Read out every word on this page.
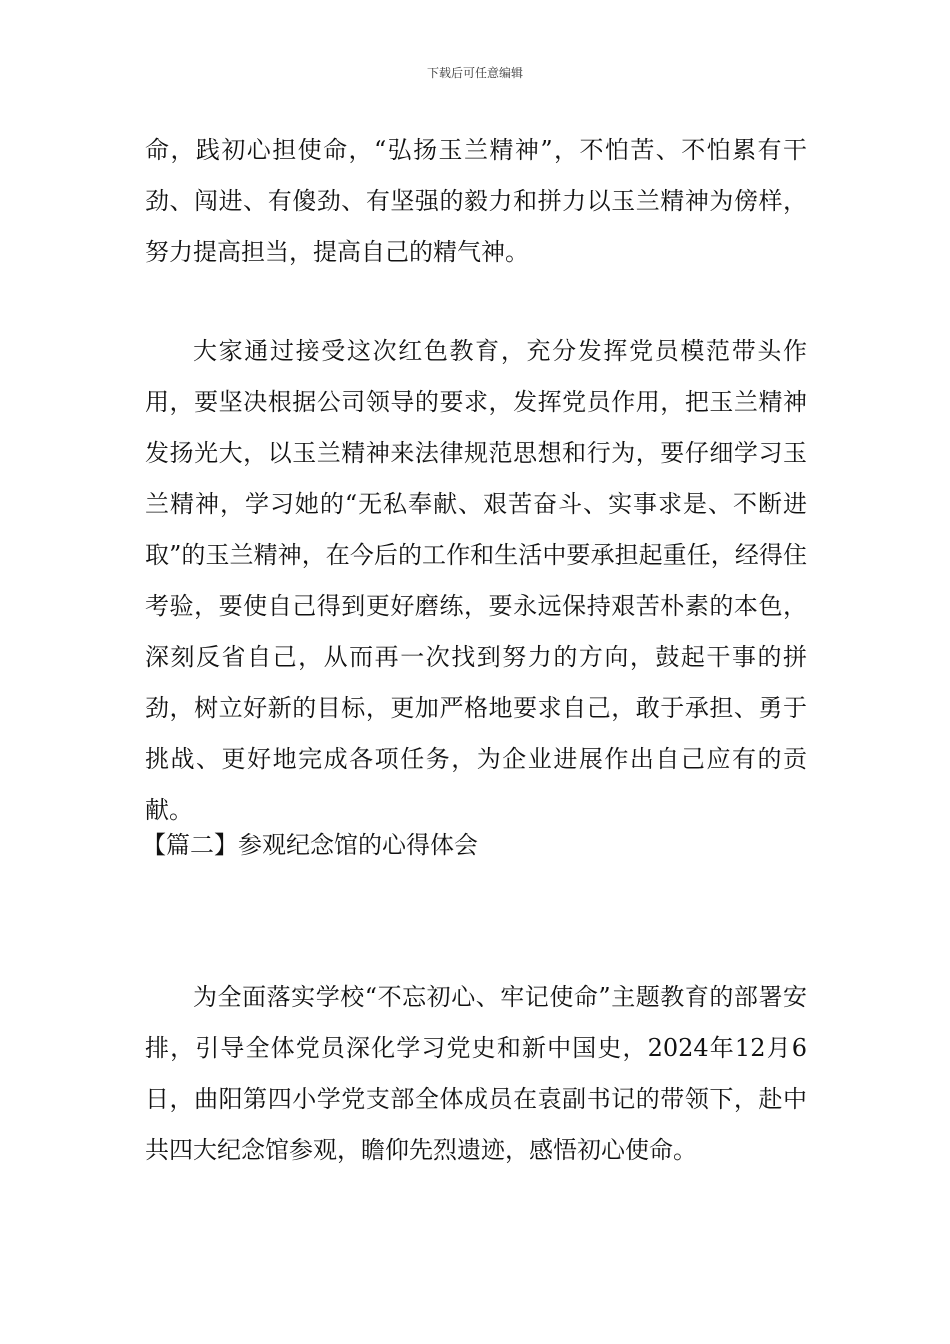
下载后可任意编辑

命，践初心担使命，“弘扬玉兰精神”，不怕苦、不怕累有干劲、闯进、有傻劲、有坚强的毅力和拼力以玉兰精神为傍样，努力提高担当，提高自己的精气神。

大家通过接受这次红色教育，充分发挥党员模范带头作用，要坚决根据公司领导的要求，发挥党员作用，把玉兰精神发扬光大，以玉兰精神来法律规范思想和行为，要仔细学习玉兰精神，学习她的“无私奉献、艰苦奋斗、实事求是、不断进取”的玉兰精神，在今后的工作和生活中要承担起重任，经得住考验，要使自己得到更好磨练，要永远保持艰苦朴素的本色，深刻反省自己，从而再一次找到努力的方向，鼓起干事的拼劲，树立好新的目标，更加严格地要求自己，敢于承担、勇于挑战、更好地完成各项任务，为企业进展作出自己应有的贡献。

【篇二】参观纪念馆的心得体会

为全面落实学校“不忘初心、牢记使命”主题教育的部署安排，引导全体党员深化学习党史和新中国史，2024年12月6日，曲阳第四小学党支部全体成员在袁副书记的带领下，赴中共四大纪念馆参观，瞻仰先烈遗迹，感悟初心使命。
